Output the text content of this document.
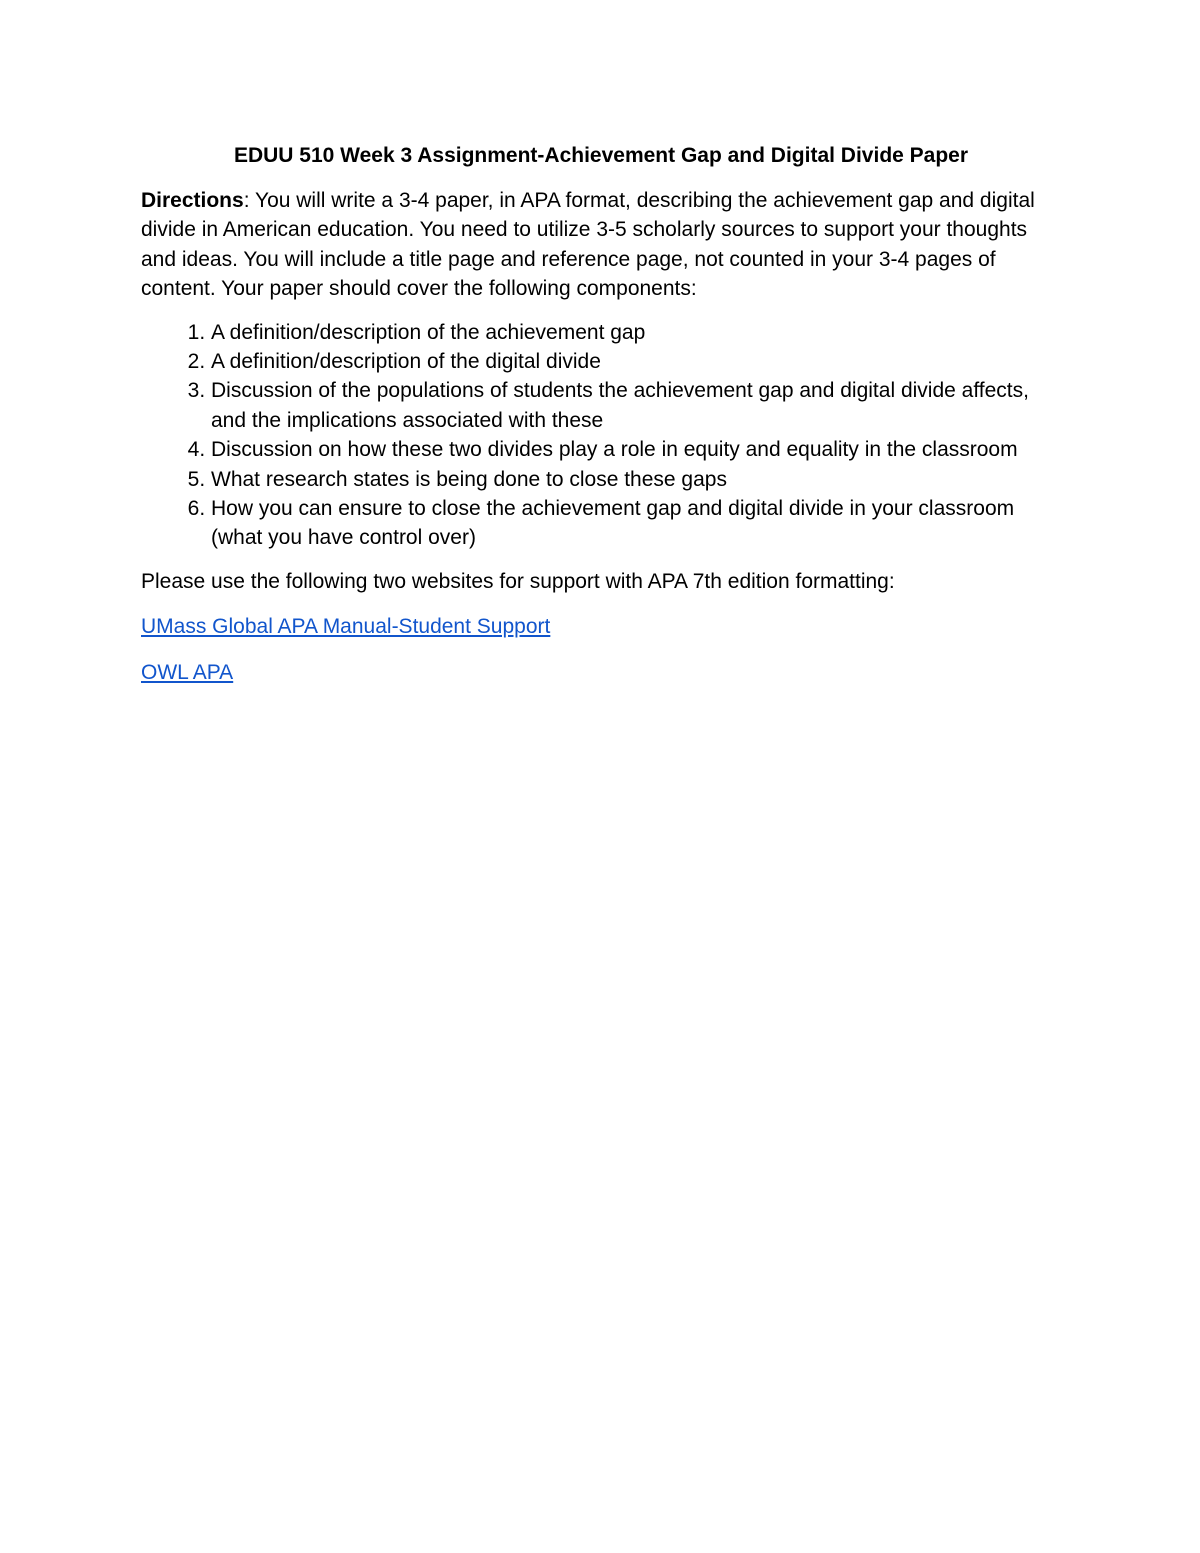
EDUU 510 Week 3 Assignment-Achievement Gap and Digital Divide Paper

Directions: You will write a 3-4 paper, in APA format, describing the achievement gap and digital divide in American education. You need to utilize 3-5 scholarly sources to support your thoughts and ideas. You will include a title page and reference page, not counted in your 3-4 pages of content. Your paper should cover the following components:

1. A definition/description of the achievement gap
2. A definition/description of the digital divide
3. Discussion of the populations of students the achievement gap and digital divide affects, and the implications associated with these
4. Discussion on how these two divides play a role in equity and equality in the classroom
5. What research states is being done to close these gaps
6. How you can ensure to close the achievement gap and digital divide in your classroom (what you have control over)

Please use the following two websites for support with APA 7th edition formatting:

UMass Global APA Manual-Student Support

OWL APA
